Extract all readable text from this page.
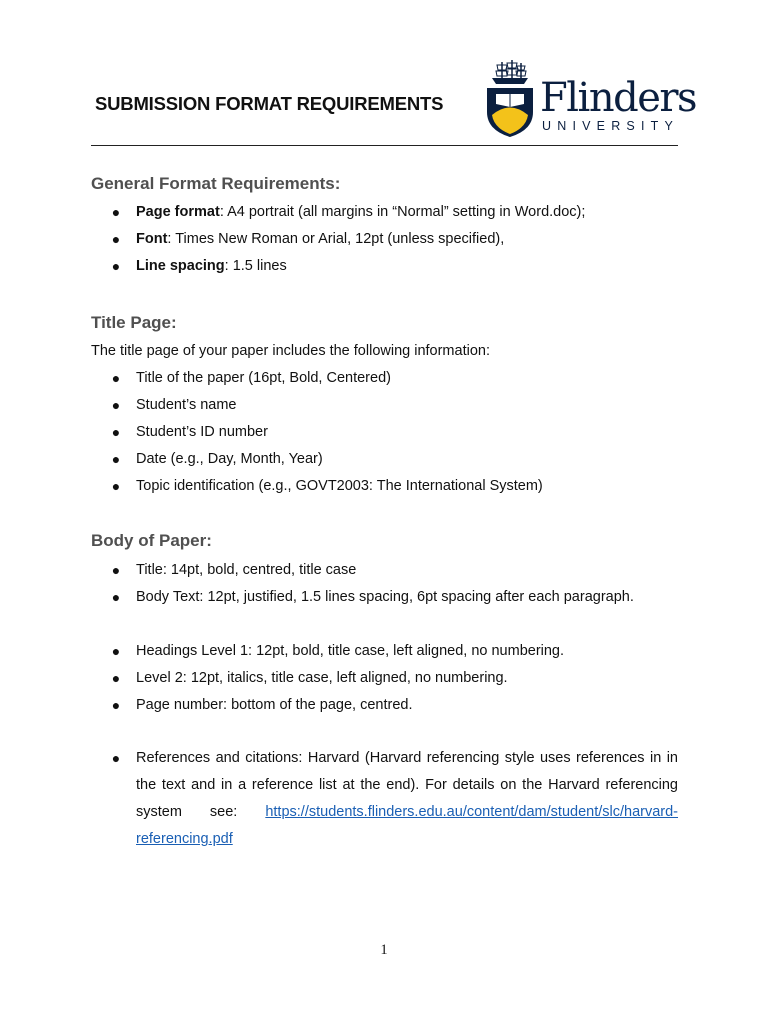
SUBMISSION FORMAT REQUIREMENTS Flinders
UNIVERSITY
General Format Requirements:
● Page format: A4 portrait (all margins in “Normal” setting in Word.doc);
● Font: Times New Roman or Arial, 12pt (unless specified),
● Line spacing: 1.5 lines
Title Page:

The title page of your paper includes the following information:

● Title of the paper (16pt, Bold, Centered)
● Student’s name
● Student’s ID number
● Date (e.g., Day, Month, Year)
● Topic identification (e.g., GOVT2003: The International System)
Body of Paper:
● Title: 14pt, bold, centred, title case
● Body Text: 12pt, justified, 1.5 lines spacing, 6pt spacing after each paragraph.
● Headings Level 1: 12pt, bold, title case, left aligned, no numbering.
● Level 2: 12pt, italics, title case, left aligned, no numbering.
● Page number: bottom of the page, centred.
● References and citations: Harvard (Harvard referencing style uses references in in the text and in a reference list at the end). For details on the Harvard referencing system see: https://students.flinders.edu.au/content/dam/student/slc/harvard-referencing.pdf
1
